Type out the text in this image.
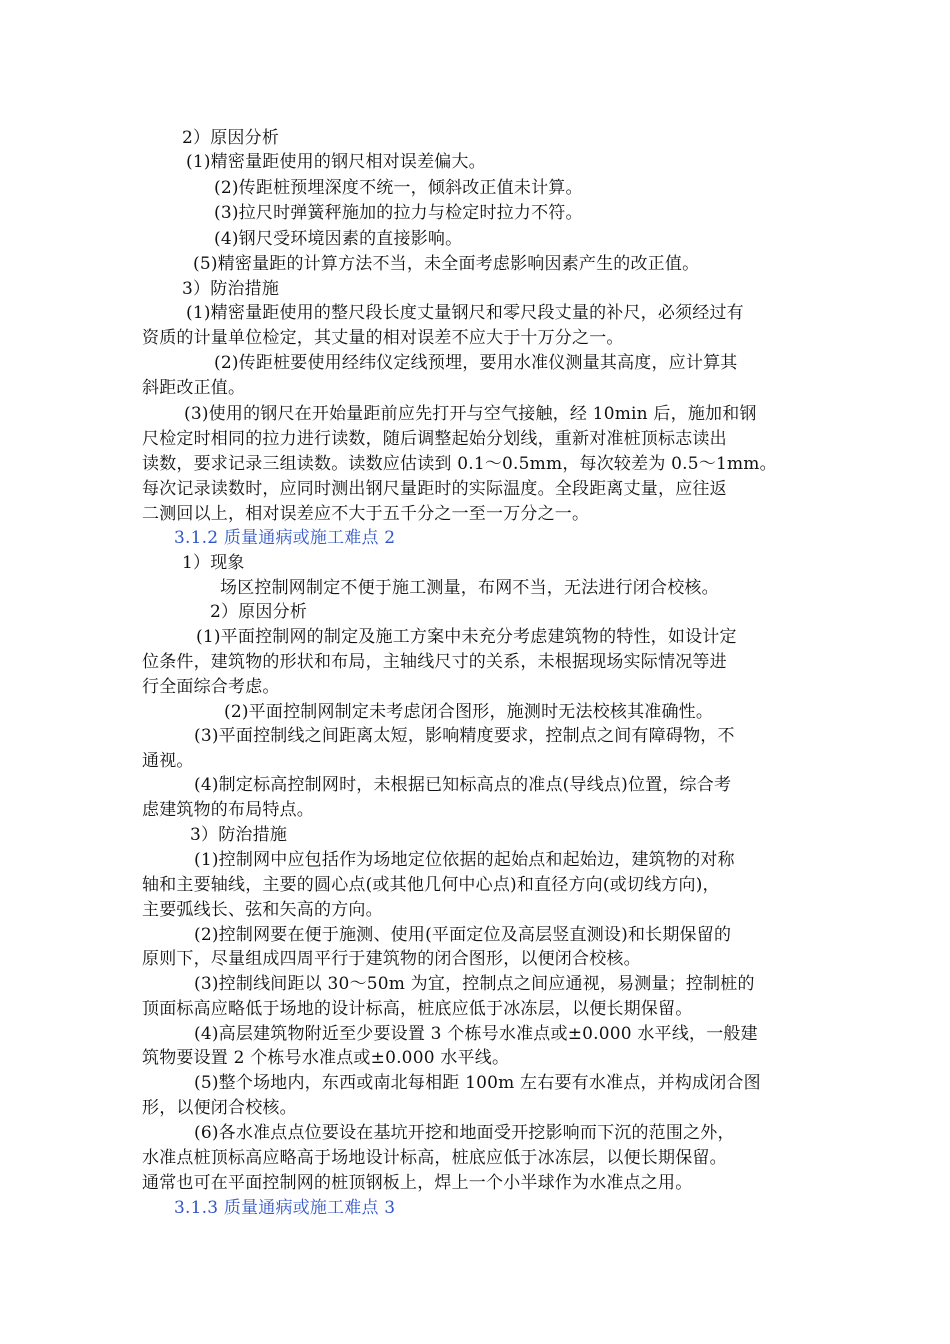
2）原因分析
(1)精密量距使用的钢尺相对误差偏大。
(2)传距桩预埋深度不统一，倾斜改正值未计算。
(3)拉尺时弹簧秤施加的拉力与检定时拉力不符。
(4)钢尺受环境因素的直接影响。
(5)精密量距的计算方法不当，未全面考虑影响因素产生的改正值。
3）防治措施
(1)精密量距使用的整尺段长度丈量钢尺和零尺段丈量的补尺，必须经过有
资质的计量单位检定，其丈量的相对误差不应大于十万分之一。
(2)传距桩要使用经纬仪定线预埋，要用水准仪测量其高度，应计算其
斜距改正值。
(3)使用的钢尺在开始量距前应先打开与空气接触，经 10min 后，施加和钢
尺检定时相同的拉力进行读数，随后调整起始分划线，重新对准桩顶标志读出
读数，要求记录三组读数。读数应估读到 0.1～0.5mm，每次较差为 0.5～1mm。
每次记录读数时，应同时测出钢尺量距时的实际温度。全段距离丈量，应往返
二测回以上，相对误差应不大于五千分之一至一万分之一。
3.1.2 质量通病或施工难点 2
1）现象
场区控制网制定不便于施工测量，布网不当，无法进行闭合校核。
2）原因分析
(1)平面控制网的制定及施工方案中未充分考虑建筑物的特性，如设计定
位条件，建筑物的形状和布局，主轴线尺寸的关系，未根据现场实际情况等进
行全面综合考虑。
(2)平面控制网制定未考虑闭合图形，施测时无法校核其准确性。
(3)平面控制线之间距离太短，影响精度要求，控制点之间有障碍物，不
通视。
(4)制定标高控制网时，未根据已知标高点的准点(导线点)位置，综合考
虑建筑物的布局特点。
3）防治措施
(1)控制网中应包括作为场地定位依据的起始点和起始边，建筑物的对称
轴和主要轴线，主要的圆心点(或其他几何中心点)和直径方向(或切线方向)，
主要弧线长、弦和矢高的方向。
(2)控制网要在便于施测、使用(平面定位及高层竖直测设)和长期保留的
原则下，尽量组成四周平行于建筑物的闭合图形，以便闭合校核。
(3)控制线间距以 30～50m 为宜，控制点之间应通视，易测量；控制桩的
顶面标高应略低于场地的设计标高，桩底应低于冰冻层，以便长期保留。
(4)高层建筑物附近至少要设置 3 个栋号水准点或±0.000 水平线，一般建
筑物要设置 2 个栋号水准点或±0.000 水平线。
(5)整个场地内，东西或南北每相距 100m 左右要有水准点，并构成闭合图
形，以便闭合校核。
(6)各水准点点位要设在基坑开挖和地面受开挖影响而下沉的范围之外，
水准点桩顶标高应略高于场地设计标高，桩底应低于冰冻层，以便长期保留。
通常也可在平面控制网的桩顶钢板上，焊上一个小半球作为水准点之用。
3.1.3 质量通病或施工难点 3
